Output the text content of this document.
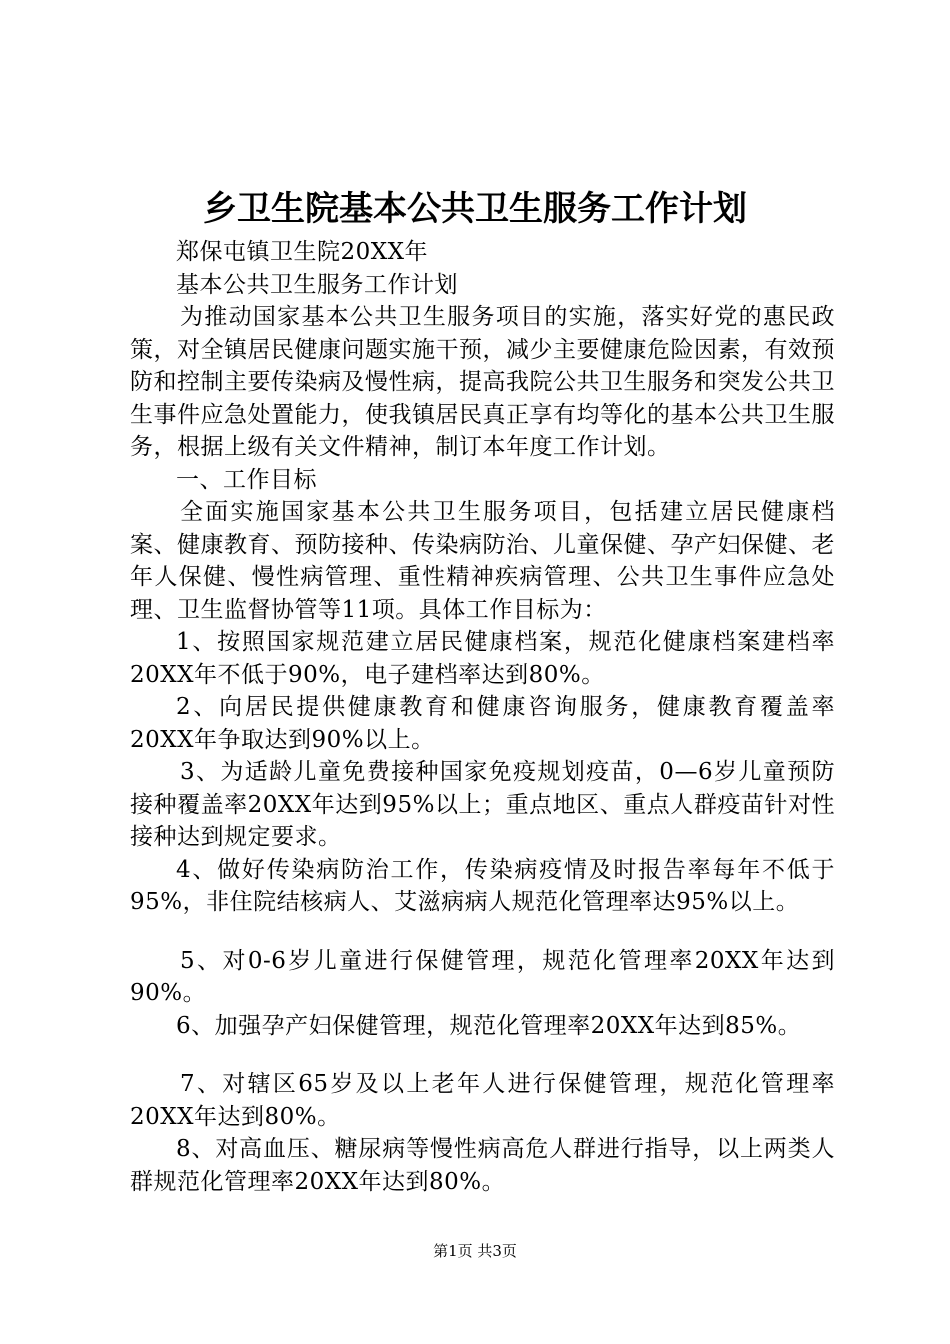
乡卫生院基本公共卫生服务工作计划

郑保屯镇卫生院20XX年

基本公共卫生服务工作计划

为推动国家基本公共卫生服务项目的实施，落实好党的惠民政策，对全镇居民健康问题实施干预，减少主要健康危险因素，有效预防和控制主要传染病及慢性病，提高我院公共卫生服务和突发公共卫生事件应急处置能力，使我镇居民真正享有均等化的基本公共卫生服务，根据上级有关文件精神，制订本年度工作计划。

一、工作目标

全面实施国家基本公共卫生服务项目，包括建立居民健康档案、健康教育、预防接种、传染病防治、儿童保健、孕产妇保健、老年人保健、慢性病管理、重性精神疾病管理、公共卫生事件应急处理、卫生监督协管等11项。具体工作目标为：

1、按照国家规范建立居民健康档案，规范化健康档案建档率20XX年不低于90%，电子建档率达到80%。

2、向居民提供健康教育和健康咨询服务，健康教育覆盖率20XX年争取达到90%以上。

3、为适龄儿童免费接种国家免疫规划疫苗，0—6岁儿童预防接种覆盖率20XX年达到95%以上；重点地区、重点人群疫苗针对性接种达到规定要求。

4、做好传染病防治工作，传染病疫情及时报告率每年不低于95%，非住院结核病人、艾滋病病人规范化管理率达95%以上。

5、对0-6岁儿童进行保健管理，规范化管理率20XX年达到90%。

6、加强孕产妇保健管理，规范化管理率20XX年达到85%。

7、对辖区65岁及以上老年人进行保健管理，规范化管理率20XX年达到80%。

8、对高血压、糖尿病等慢性病高危人群进行指导，以上两类人群规范化管理率20XX年达到80%。

第1页 共3页
